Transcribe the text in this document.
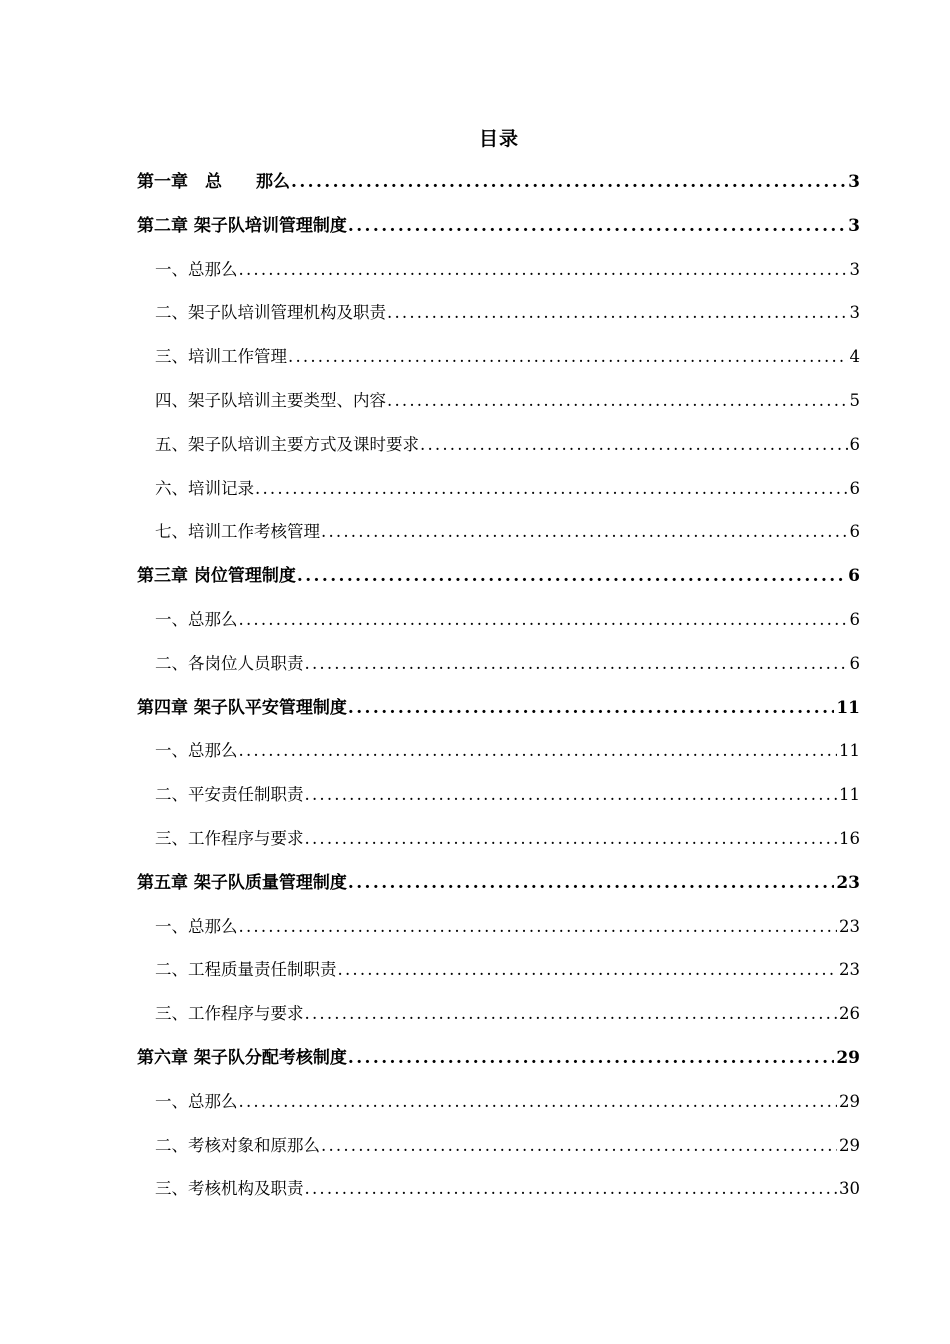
目录
第一章　总　　那么 .....	3
第二章 架子队培训管理制度 .....	3
一、总那么 .....	3
二、架子队培训管理机构及职责 .....	3
三、培训工作管理 .....	4
四、架子队培训主要类型、内容 .....	5
五、架子队培训主要方式及课时要求 .....	6
六、培训记录 .....	6
七、培训工作考核管理 .....	6
第三章 岗位管理制度 .....	6
一、总那么 .....	6
二、各岗位人员职责 .....	6
第四章 架子队平安管理制度 .....	11
一、总那么 .....	11
二、平安责任制职责 .....	11
三、工作程序与要求 .....	16
第五章 架子队质量管理制度 .....	23
一、总那么 .....	23
二、工程质量责任制职责 .....	23
三、工作程序与要求 .....	26
第六章 架子队分配考核制度 .....	29
一、总那么 .....	29
二、考核对象和原那么 .....	29
三、考核机构及职责 .....	30
